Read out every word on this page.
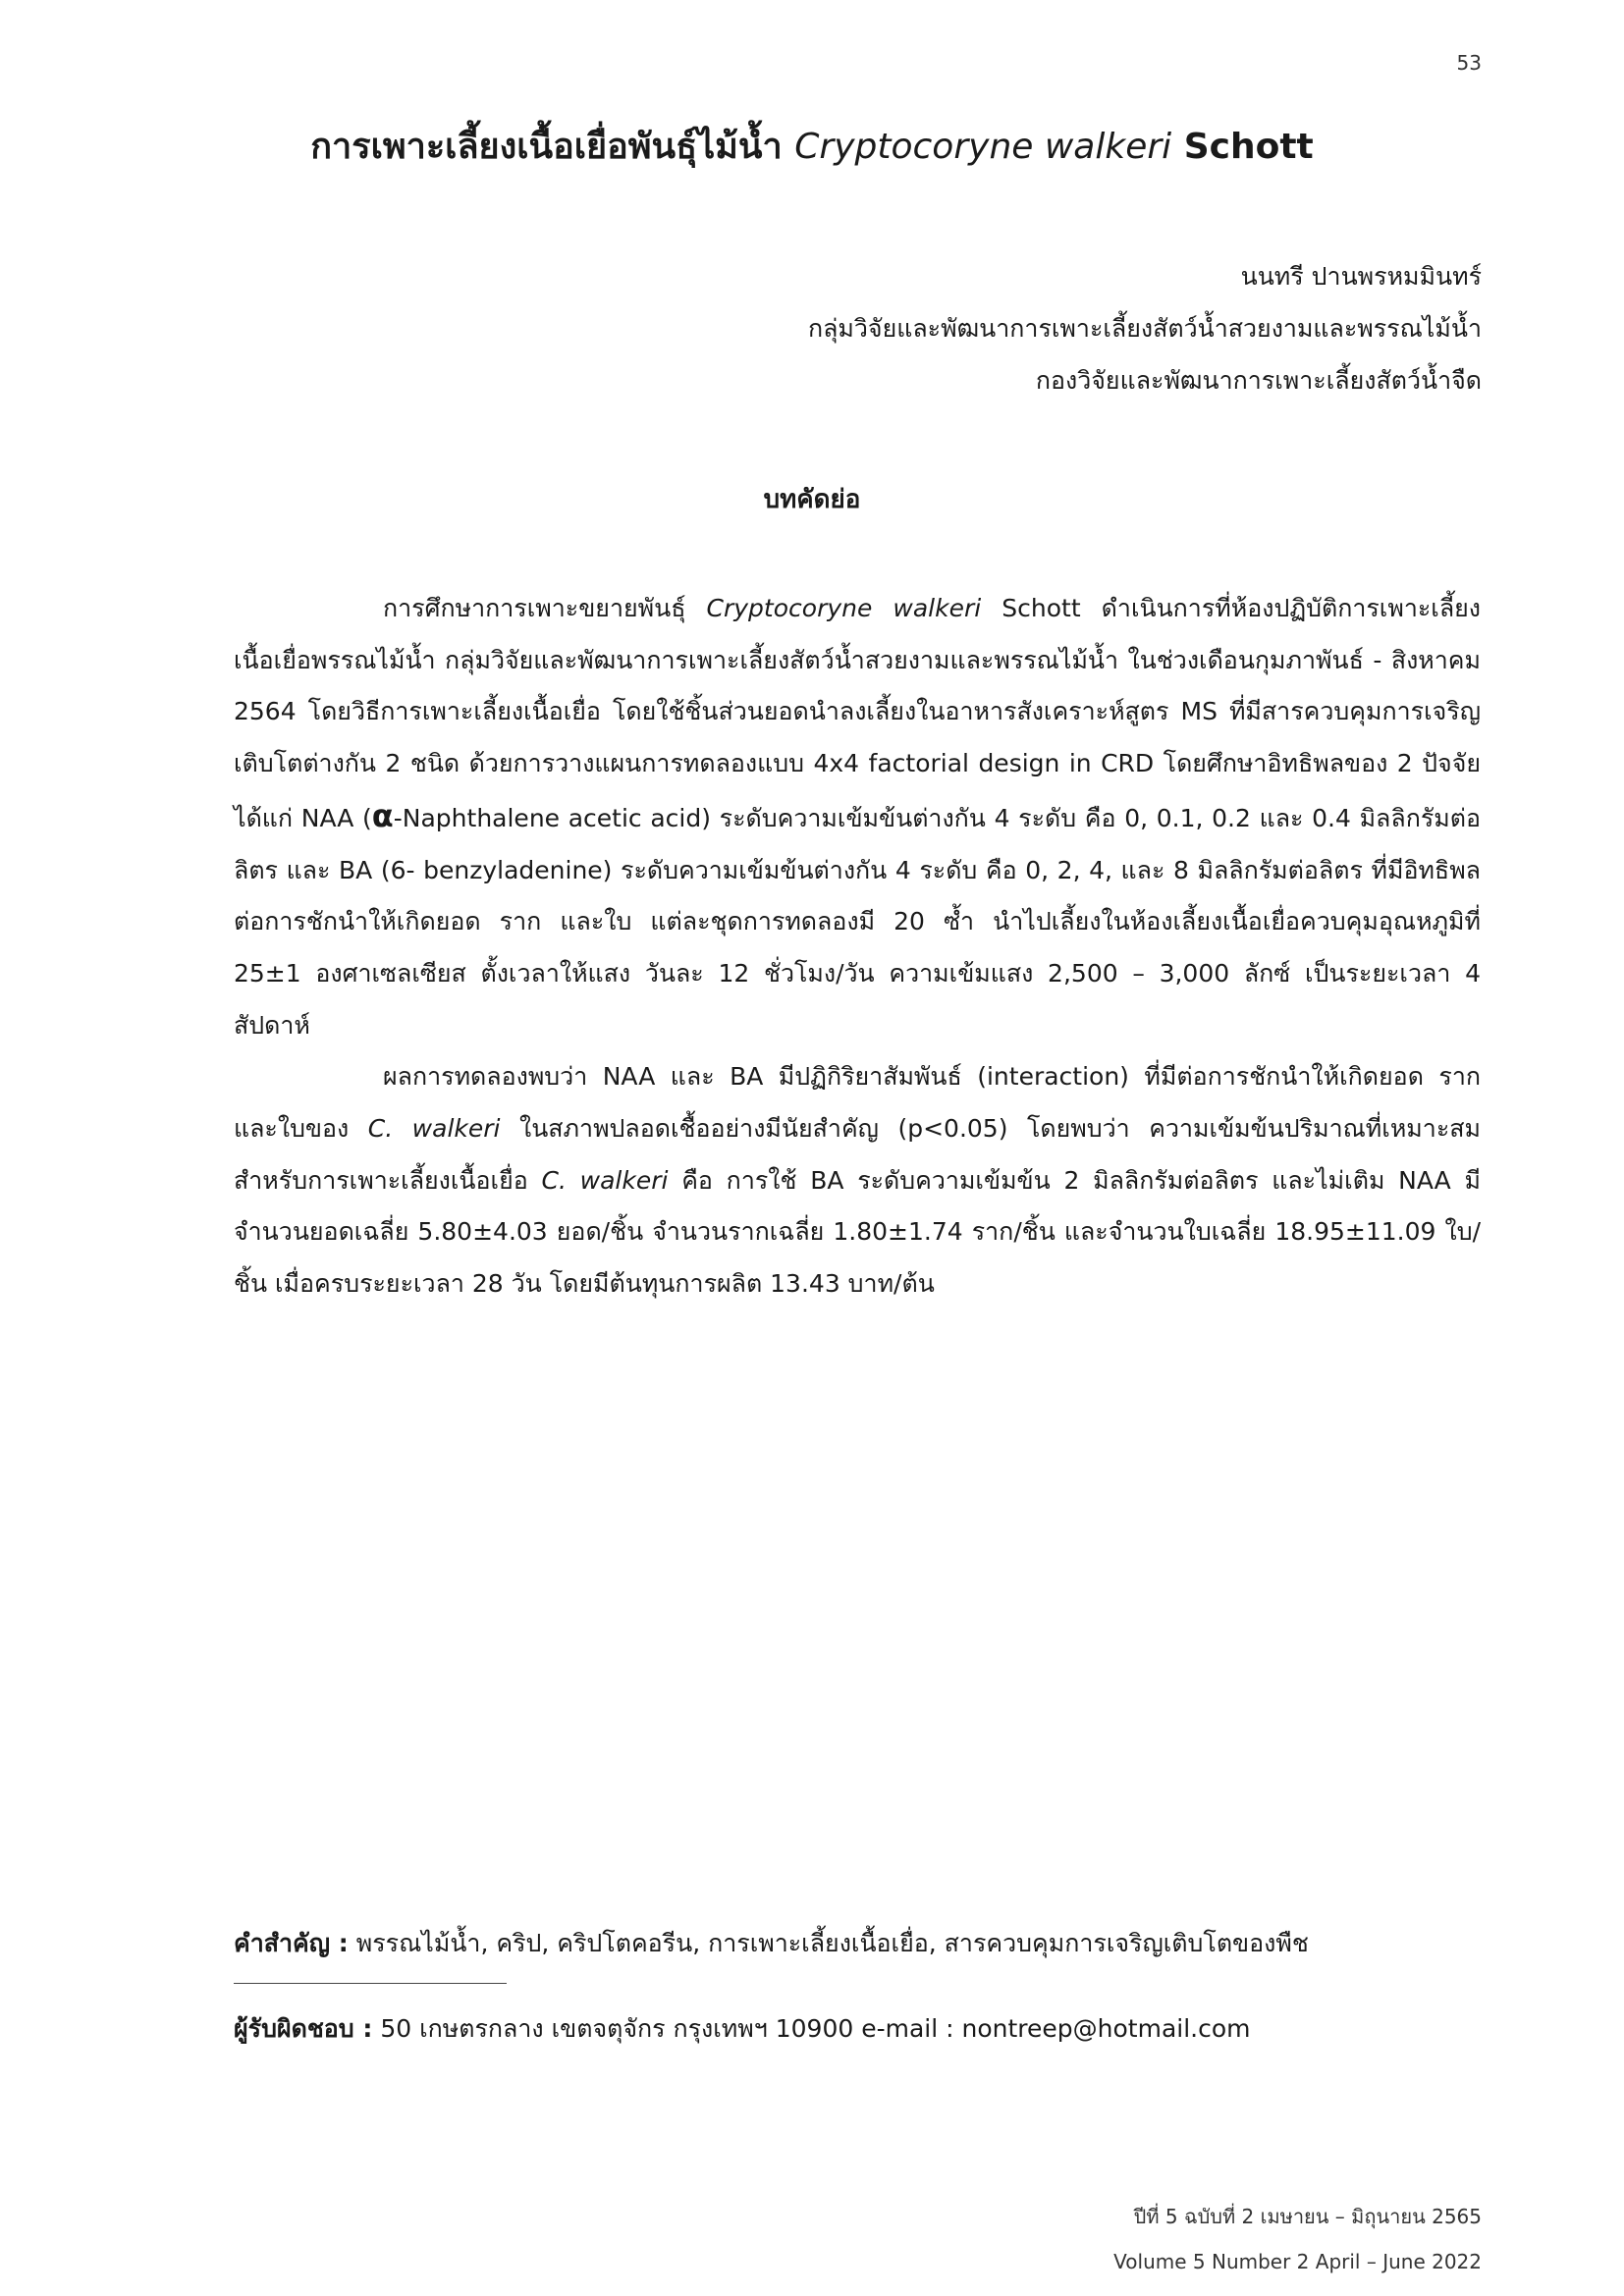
53
การเพาะเลี้ยงเนื้อเยื่อพันธุ์ไม้น้ำ Cryptocoryne walkeri Schott
นนทรี ปานพรหมมินทร์
กลุ่มวิจัยและพัฒนาการเพาะเลี้ยงสัตว์น้ำสวยงามและพรรณไม้น้ำ
กองวิจัยและพัฒนาการเพาะเลี้ยงสัตว์น้ำจืด
บทคัดย่อ

การศึกษาการเพาะขยายพันธุ์ Cryptocoryne walkeri Schott ดำเนินการที่ห้องปฏิบัติการเพาะเลี้ยงเนื้อเยื่อพรรณไม้น้ำ กลุ่มวิจัยและพัฒนาการเพาะเลี้ยงสัตว์น้ำสวยงามและพรรณไม้น้ำ ในช่วงเดือนกุมภาพันธ์ - สิงหาคม 2564 โดยวิธีการเพาะเลี้ยงเนื้อเยื่อ โดยใช้ชิ้นส่วนยอดนำลงเลี้ยงในอาหารสังเคราะห์สูตร MS ที่มีสารควบคุมการเจริญเติบโตต่างกัน 2 ชนิด ด้วยการวางแผนการทดลองแบบ 4x4 factorial design in CRD โดยศึกษาอิทธิพลของ 2 ปัจจัย ได้แก่ NAA (α-Naphthalene acetic acid) ระดับความเข้มข้นต่างกัน 4 ระดับ คือ 0, 0.1, 0.2 และ 0.4 มิลลิกรัมต่อลิตร และ BA (6- benzyladenine) ระดับความเข้มข้นต่างกัน 4 ระดับ คือ 0, 2, 4, และ 8 มิลลิกรัมต่อลิตร ที่มีอิทธิพลต่อการชักนำให้เกิดยอด ราก และใบ แต่ละชุดการทดลองมี 20 ซ้ำ นำไปเลี้ยงในห้องเลี้ยงเนื้อเยื่อควบคุมอุณหภูมิที่ 25±1 องศาเซลเซียส ตั้งเวลาให้แสง วันละ 12 ชั่วโมง/วัน ความเข้มแสง 2,500 – 3,000 ลักซ์ เป็นระยะเวลา 4 สัปดาห์

ผลการทดลองพบว่า NAA และ BA มีปฏิกิริยาสัมพันธ์ (interaction) ที่มีต่อการชักนำให้เกิดยอด ราก และใบของ C. walkeri ในสภาพปลอดเชื้ออย่างมีนัยสำคัญ (p<0.05) โดยพบว่า ความเข้มข้นปริมาณที่เหมาะสมสำหรับการเพาะเลี้ยงเนื้อเยื่อ C. walkeri คือ การใช้ BA ระดับความเข้มข้น 2 มิลลิกรัมต่อลิตร และไม่เติม NAA มีจำนวนยอดเฉลี่ย 5.80±4.03 ยอด/ชิ้น จำนวนรากเฉลี่ย 1.80±1.74 ราก/ชิ้น และจำนวนใบเฉลี่ย 18.95±11.09 ใบ/ชิ้น เมื่อครบระยะเวลา 28 วัน โดยมีต้นทุนการผลิต 13.43 บาท/ต้น

คำสำคัญ : พรรณไม้น้ำ, คริป, คริปโตคอรีน, การเพาะเลี้ยงเนื้อเยื่อ, สารควบคุมการเจริญเติบโตของพืช
ผู้รับผิดชอบ : 50 เกษตรกลาง เขตจตุจักร กรุงเทพฯ 10900 e-mail : nontreep@hotmail.com
ปีที่ 5 ฉบับที่ 2 เมษายน – มิถุนายน 2565
Volume 5 Number 2 April – June 2022
